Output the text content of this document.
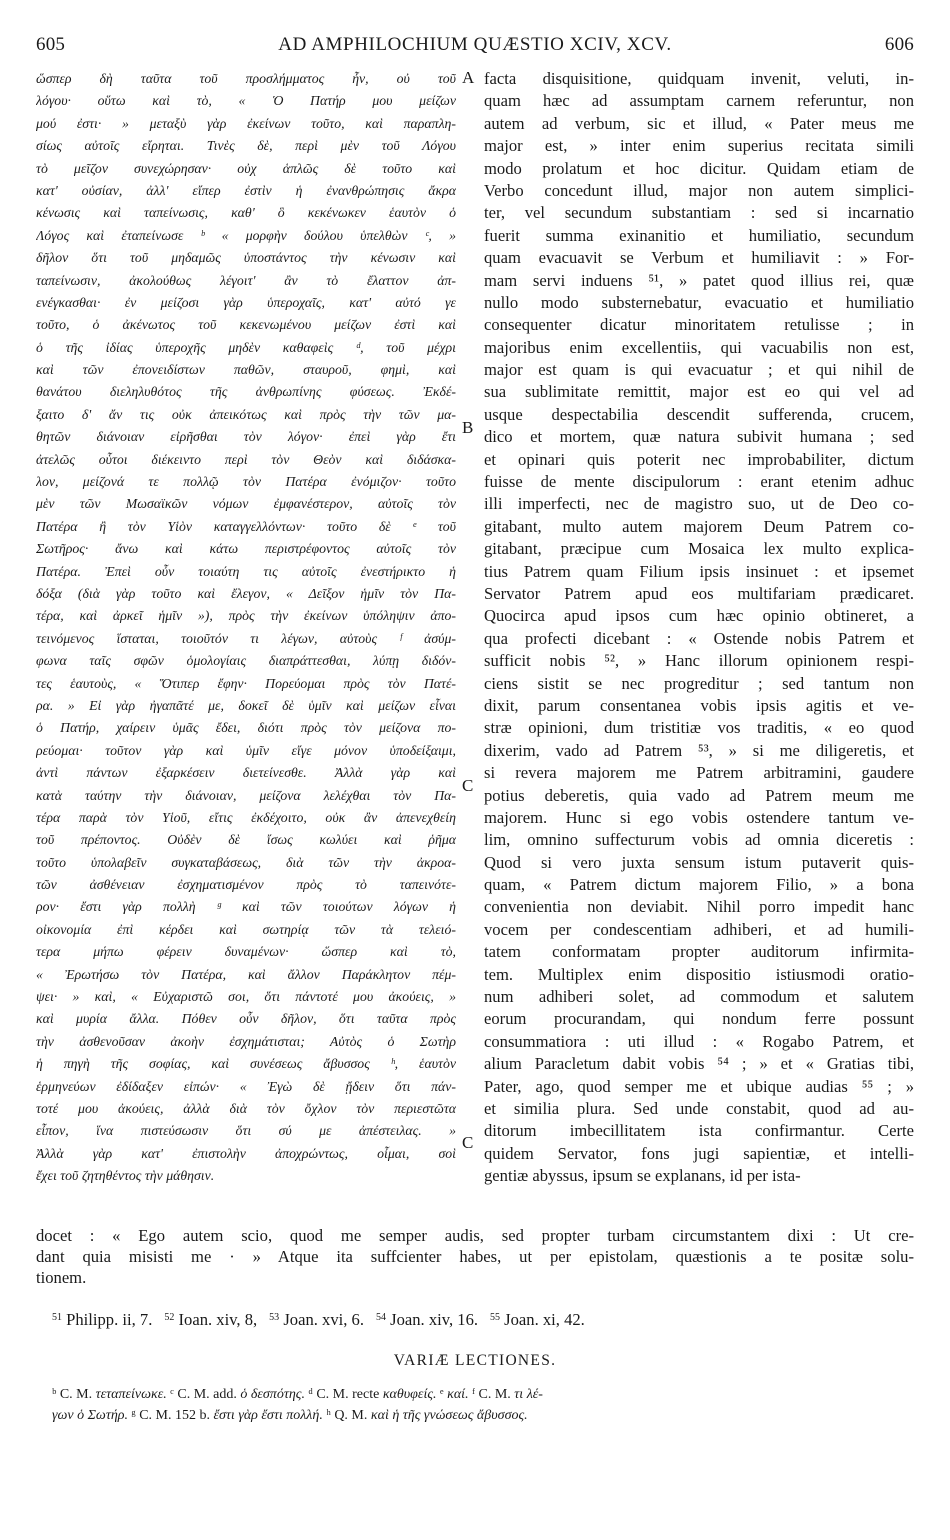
605	AD AMPHILOCHIUM QUÆSTIO XCIV, XCV.	606
ὥσπερ δὴ ταῦτα τοῦ προσλήμματος ἦν, οὐ τοῦ
λόγου· οὕτω καὶ τὸ, « Ὁ Πατήρ μου μείζων
μού ἐστι· » μεταξὺ γὰρ ἐκείνων τοῦτο, καὶ παραπλη-
σίως αὐτοῖς εἴρηται. Τινὲς δὲ, περὶ μὲν τοῦ Λόγου
τὸ μεῖζον συνεχώρησαν· οὐχ ἁπλῶς δὲ τοῦτο καὶ
κατ' οὐσίαν, ἀλλ' εἴπερ ἐστὶν ἡ ἐνανθρώπησις ἄκρα
κένωσις καὶ ταπείνωσις, καθ' ὃ κεκένωκεν ἑαυτὸν ὁ
Λόγος καὶ ἐταπείνωσε ᵇ « μορφὴν δούλου ὑπελθὼν ᶜ, »
δῆλον ὅτι τοῦ μηδαμῶς ὑποστάντος τὴν κένωσιν καὶ
ταπείνωσιν, ἀκολούθως λέγοιτ' ἂν τὸ ἔλαττον ἀπ-
ενέγκασθαι· ἐν μείζοσι γὰρ ὑπεροχαῖς, κατ' αὐτό γε
τοῦτο, ὁ ἀκένωτος τοῦ κεκενωμένου μείζων ἐστὶ καὶ
ὁ τῆς ἰδίας ὑπεροχῆς μηδὲν καθαφεὶς ᵈ, τοῦ μέχρι
καὶ τῶν ἐπονειδίστων παθῶν, σταυροῦ, φημὶ, καὶ
θανάτου διεληλυθότος τῆς ἀνθρωπίνης φύσεως. Ἐκδέ-
ξαιτο δ' ἄν τις οὐκ ἀπεικότως καὶ πρὸς τὴν τῶν μα-
θητῶν διάνοιαν εἰρῆσθαι τὸν λόγον· ἐπεὶ γὰρ ἔτι
ἀτελῶς οὗτοι διέκειντο περὶ τὸν Θεὸν καὶ διδάσκα-
λον, μείζονά τε πολλῷ τὸν Πατέρα ἐνόμιζον· τοῦτο
μὲν τῶν Μωσαϊκῶν νόμων ἐμφανέστερον, αὐτοῖς τὸν
Πατέρα ἢ τὸν Υἱὸν καταγγελλόντων· τοῦτο δὲ ᵉ τοῦ
Σωτῆρος· ἄνω καὶ κάτω περιστρέφοντος αὐτοῖς τὸν
Πατέρα. Ἐπεὶ οὖν τοιαύτη τις αὐτοῖς ἐνεστήρικτο ἡ
δόξα (διὰ γὰρ τοῦτο καὶ ἔλεγον, « Δεῖξον ἡμῖν τὸν Πα-
τέρα, καὶ ἀρκεῖ ἡμῖν »), πρὸς τὴν ἐκείνων ὑπόληψιν ἀπο-
τεινόμενος ἵσταται, τοιοῦτόν τι λέγων, αὐτοὺς ᶠ ἀσύμ-
φωνα ταῖς σφῶν ὁμολογίαις διαπράττεσθαι, λύπῃ διδόν-
τες ἑαυτοὺς, « Ὅτιπερ ἔφην· Πορεύομαι πρὸς τὸν Πατέ-
ρα. » Εἰ γὰρ ἠγαπᾶτέ με, δοκεῖ δὲ ὑμῖν καὶ μείζων εἶναι
ὁ Πατήρ, χαίρειν ὑμᾶς ἔδει, διότι πρὸς τὸν μείζονα πο-
ρεύομαι· τοῦτον γὰρ καὶ ὑμῖν εἴγε μόνον ὑποδείξαιμι,
ἀντὶ πάντων ἐξαρκέσειν διετείνεσθε. Ἀλλὰ γὰρ καὶ
κατὰ ταύτην τὴν διάνοιαν, μείζονα λελέχθαι τὸν Πα-
τέρα παρὰ τὸν Υἱοῦ, εἴτις ἐκδέχοιτο, οὐκ ἂν ἀπενεχθείη
τοῦ πρέποντος. Οὐδὲν δὲ ἴσως κωλύει καὶ ῥῆμα
τοῦτο ὑπολαβεῖν συγκαταβάσεως, διὰ τῶν τὴν ἀκροα-
τῶν ἀσθένειαν ἐσχηματισμένον πρὸς τὸ ταπεινότε-
ρον· ἔστι γὰρ πολλὴ ᵍ καὶ τῶν τοιούτων λόγων ἡ
οἰκονομία ἐπὶ κέρδει καὶ σωτηρίᾳ τῶν τὰ τελειό-
τερα μήπω φέρειν δυναμένων· ὥσπερ καὶ τὸ,
« Ἐρωτήσω τὸν Πατέρα, καὶ ἄλλον Παράκλητον πέμ-
ψει· » καὶ, « Εὐχαριστῶ σοι, ὅτι πάντοτέ μου ἀκούεις, »
καὶ μυρία ἄλλα. Πόθεν οὖν δῆλον, ὅτι ταῦτα πρὸς
τὴν ἀσθενοῦσαν ἀκοὴν ἐσχημάτισται; Αὐτὸς ὁ Σωτὴρ
ἡ πηγὴ τῆς σοφίας, καὶ συνέσεως ἄβυσσος ʰ, ἑαυτὸν
ἑρμηνεύων ἐδίδαξεν εἰπών· « Ἐγὼ δὲ ᾔδειν ὅτι πάν-
τοτέ μου ἀκούεις, ἀλλὰ διὰ τὸν ὄχλον τὸν περιεστῶτα
εἶπον, ἵνα πιστεύσωσιν ὅτι σύ με ἀπέστειλας. »
Ἀλλὰ γὰρ κατ' ἐπιστολὴν ἀποχρώντως, οἶμαι, σοὶ
ἔχει τοῦ ζητηθέντος τὴν μάθησιν.
facta disquisitione, quidquam invenit, veluti, in-
quam hæc ad assumptam carnem referuntur, non
autem ad verbum, sic et illud, « Pater meus me
major est, » inter enim superius recitata simili
modo prolatum et hoc dicitur. Quidam etiam de
Verbo concedunt illud, major non autem simplici-
ter, vel secundum substantiam : sed si incarnatio
fuerit summa exinanitio et humiliatio, secundum
quam evacuavit se Verbum et humiliavit : » For-
mam servi induens ⁵¹, » patet quod illius rei, quæ
nullo modo substernebatur, evacuatio et humiliatio
consequenter dicatur minoritatem retulisse ; in
majoribus enim excellentiis, qui vacuabilis non est,
major est quam is qui evacuatur ; et qui nihil de
sua sublimitate remittit, major est eo qui vel ad
usque despectabilia descendit sufferenda, crucem,
dico et mortem, quæ natura subivit humana ; sed
et opinari quis poterit nec improbabiliter, dictum
fuisse de mente discipulorum : erant etenim adhuc
illi imperfecti, nec de magistro suo, ut de Deo co-
gitabant, multo autem majorem Deum Patrem co-
gitabant, præcipue cum Mosaica lex multo explica-
tius Patrem quam Filium ipsis insinuet : et ipsemet
Servator Patrem apud eos multifariam prædicaret.
Quocirca apud ipsos cum hæc opinio obtineret, a
qua profecti dicebant : « Ostende nobis Patrem et
sufficit nobis ⁵², » Hanc illorum opinionem respi-
ciens sistit se nec progreditur ; sed tantum non
dixit, parum consentanea vobis ipsis agitis et ve-
stræ opinioni, dum tristitiæ vos traditis, « eo quod
dixerim, vado ad Patrem ⁵³, » si me diligeretis, et
si revera majorem me Patrem arbitramini, gaudere
potius deberetis, quia vado ad Patrem meum me
majorem. Hunc si ego vobis ostendere tantum ve-
lim, omnino suffecturum vobis ad omnia diceretis :
Quod si vero juxta sensum istum putaverit quis-
quam, « Patrem dictum majorem Filio, » a bona
convenientia non deviabit. Nihil porro impedit hanc
vocem per condescentiam adhiberi, et ad humili-
tatem conformatam propter auditorum infirmita-
tem. Multiplex enim dispositio istiusmodi oratio-
num adhiberi solet, ad commodum et salutem
eorum procurandam, qui nondum ferre possunt
consummatiora : uti illud : « Rogabo Patrem, et
alium Paracletum dabit vobis ⁵⁴ ; » et « Gratias tibi,
Pater, ago, quod semper me et ubique audias ⁵⁵ ; »
et similia plura. Sed unde constabit, quod ad au-
ditorum imbecillitatem ista confirmantur. Certe
quidem Servator, fons jugi sapientiæ, et intelli-
gentiæ abyssus, ipsum se explanans, id per ista-
A
B
C
C
docet : « Ego autem scio, quod me semper audis, sed propter turbam circumstantem dixi : Ut cre-
dant quia misisti me · » Atque ita suffcienter habes, ut per epistolam, quæstionis a te positæ solu-
tionem.
$^{51}$ Philipp. ii, 7. $^{52}$ Ioan. xiv, 8, $^{53}$ Joan. xvi, 6. $^{54}$ Joan. xiv, 16. $^{55}$ Joan. xi, 42.
VARIÆ LECTIONES.
ᵇ C. M. τεταπείνωκε. ᶜ C. M. add. ὁ δεσπότης. ᵈ C. M. recte καθυφείς. ᵉ καί. ᶠ C. M. τι λέ-
γων ὁ Σωτήρ. ᵍ C. M. 152 b. ἔστι γὰρ ἔστι πολλή. ʰ Q. M. καὶ ἡ τῆς γνώσεως ἄβυσσος.
